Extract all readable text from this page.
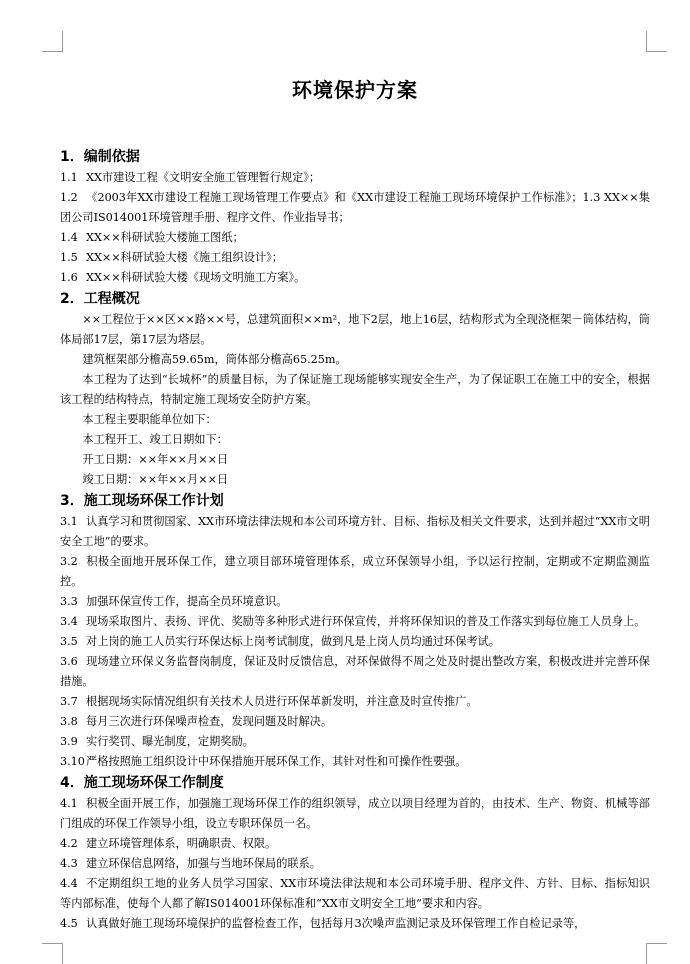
环境保护方案
1．编制依据

1.1 XX市建设工程《文明安全施工管理暂行规定》；

1.2 《2003年XX市建设工程施工现场管理工作要点》和《XX市建设工程施工现场环境保护工作标准》；1.3 XX××集团公司IS014001环境管理手册、程序文件、作业指导书；

1.4 XX××科研试验大楼施工图纸；

1.5 XX××科研试验大楼《施工组织设计》；

1.6 XX××科研试验大楼《现场文明施工方案》。

2．工程概况

××工程位于××区××路××号，总建筑面积××m²，地下2层，地上16层，结构形式为全现浇框架－筒体结构，筒体局部17层，第17层为塔层。

建筑框架部分檐高59.65m，筒体部分檐高65.25m。

本工程为了达到“长城杯”的质量目标，为了保证施工现场能够实现安全生产，为了保证职工在施工中的安全，根据该工程的结构特点，特制定施工现场安全防护方案。

本工程主要职能单位如下：

本工程开工、竣工日期如下：

开工日期：××年××月××日

竣工日期：××年××月××日

3．施工现场环保工作计划

3.1 认真学习和贯彻国家、XX市环境法律法规和本公司环境方针、目标、指标及相关文件要求，达到并超过“XX市文明安全工地”的要求。

3.2 积极全面地开展环保工作，建立项目部环境管理体系，成立环保领导小组，予以运行控制，定期或不定期监测监控。

3.3 加强环保宣传工作，提高全员环境意识。

3.4 现场采取图片、表扬、评优、奖励等多种形式进行环保宣传，并将环保知识的普及工作落实到每位施工人员身上。

3.5 对上岗的施工人员实行环保达标上岗考试制度，做到凡是上岗人员均通过环保考试。

3.6 现场建立环保义务监督岗制度，保证及时反馈信息，对环保做得不周之处及时提出整改方案，积极改进并完善环保措施。

3.7 根据现场实际情况组织有关技术人员进行环保革新发明，并注意及时宣传推广。

3.8 每月三次进行环保噪声检查，发现问题及时解决。

3.9 实行奖罚、曝光制度，定期奖励。

3.10严格按照施工组织设计中环保措施开展环保工作，其针对性和可操作性要强。

4．施工现场环保工作制度

4.1 积极全面开展工作，加强施工现场环保工作的组织领导，成立以项目经理为首的，由技术、生产、物资、机械等部门组成的环保工作领导小组，设立专职环保员一名。

4.2 建立环境管理体系，明确职责、权限。

4.3 建立环保信息网络，加强与当地环保局的联系。

4.4 不定期组织工地的业务人员学习国家、XX市环境法律法规和本公司环境手册、程序文件、方针、目标、指标知识等内部标准，使每个人都了解IS014001环保标准和“XX市文明安全工地”要求和内容。

4.5 认真做好施工现场环境保护的监督检查工作，包括每月3次噪声监测记录及环保管理工作自检记录等，
